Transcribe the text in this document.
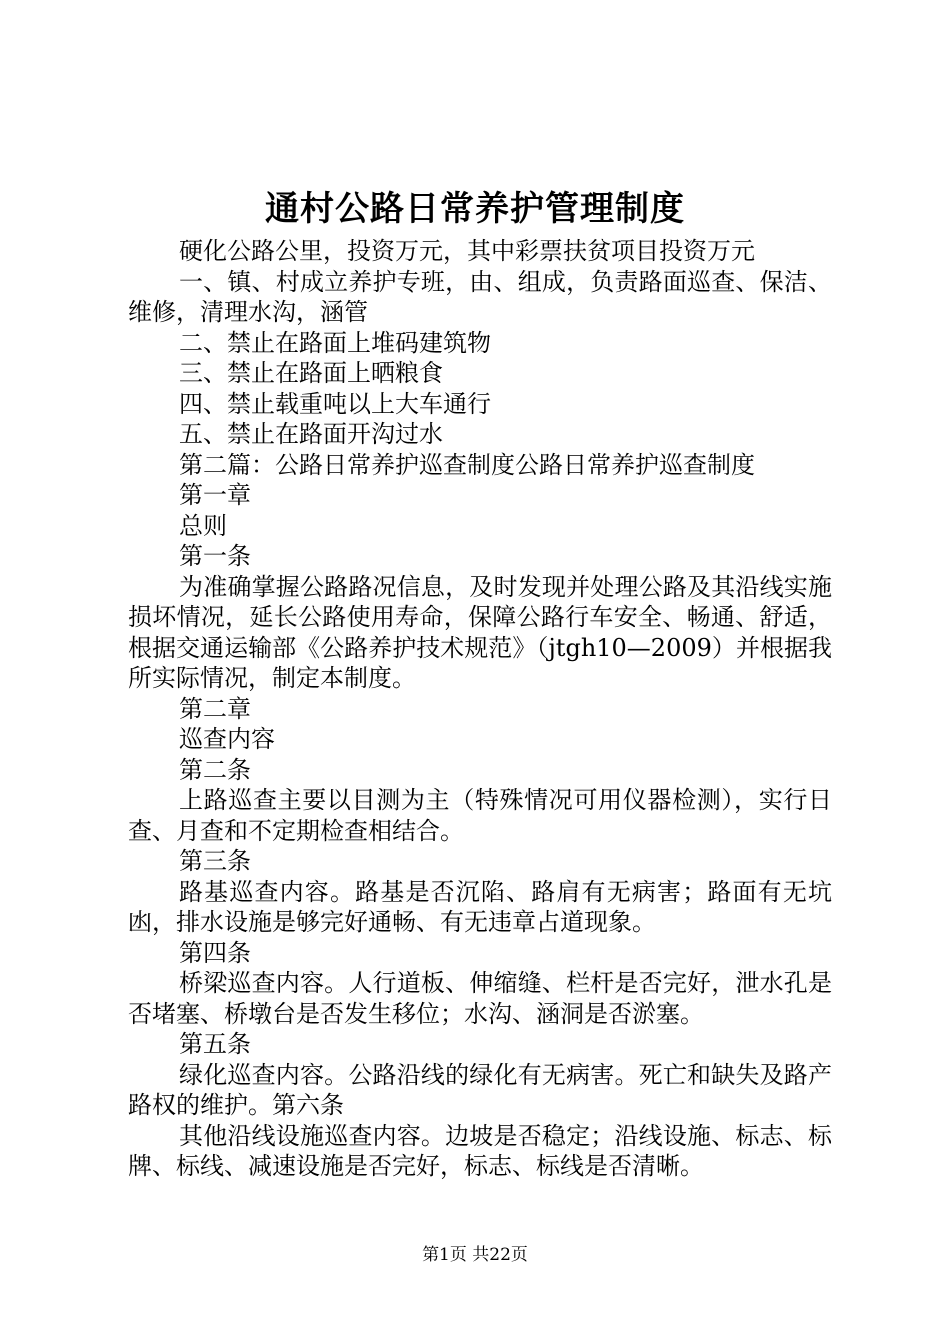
通村公路日常养护管理制度

硬化公路公里，投资万元，其中彩票扶贫项目投资万元

一、镇、村成立养护专班，由、组成，负责路面巡查、保洁、维修，清理水沟，涵管

二、禁止在路面上堆码建筑物

三、禁止在路面上晒粮食

四、禁止载重吨以上大车通行

五、禁止在路面开沟过水

第二篇：公路日常养护巡查制度公路日常养护巡查制度

第一章

总则

第一条

为准确掌握公路路况信息，及时发现并处理公路及其沿线实施损坏情况，延长公路使用寿命，保障公路行车安全、畅通、舒适，根据交通运输部《公路养护技术规范》（jtgh10—2009）并根据我所实际情况，制定本制度。

第二章

巡查内容

第二条

上路巡查主要以目测为主（特殊情况可用仪器检测），实行日查、月查和不定期检查相结合。

第三条

路基巡查内容。路基是否沉陷、路肩有无病害；路面有无坑凼，排水设施是够完好通畅、有无违章占道现象。

第四条

桥梁巡查内容。人行道板、伸缩缝、栏杆是否完好，泄水孔是否堵塞、桥墩台是否发生移位；水沟、涵洞是否淤塞。

第五条

绿化巡查内容。公路沿线的绿化有无病害。死亡和缺失及路产路权的维护。第六条

其他沿线设施巡查内容。边坡是否稳定；沿线设施、标志、标牌、标线、减速设施是否完好，标志、标线是否清晰。

第1页 共22页
